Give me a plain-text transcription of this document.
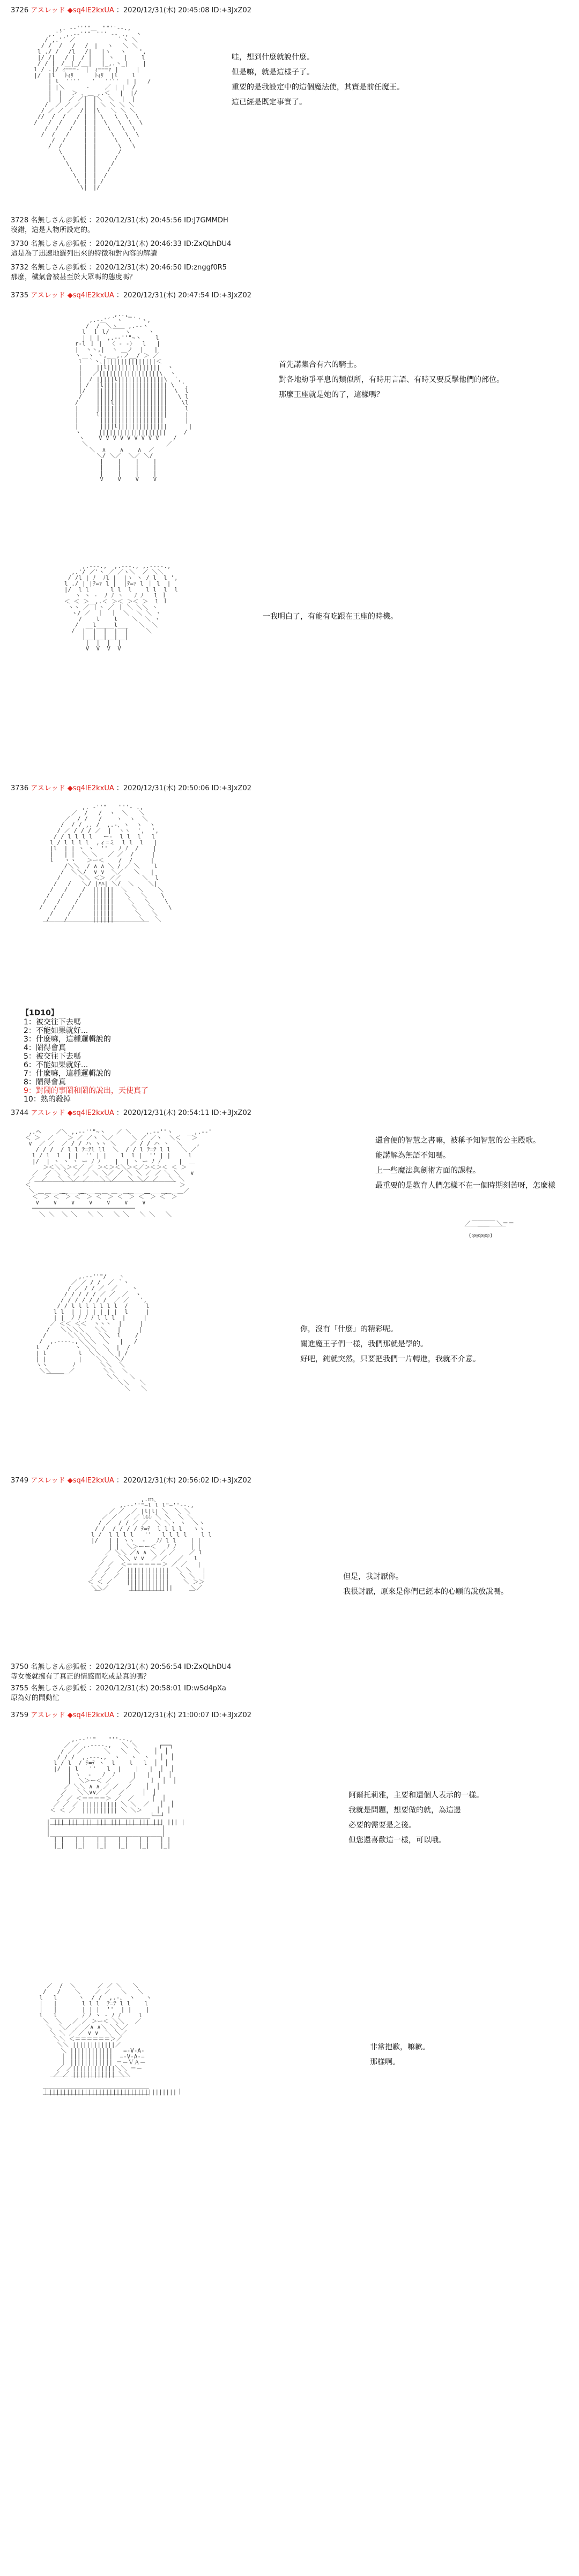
3726 アスレッド ◆sq4lE2kxUA ：2020/12/31(木) 20:45:08 ID:+3JxZ02
,. -‐'''"￣￣""''‐-.,
,.'´ ,.-‐''"￣"'' ‐- .,  ヽ
/ ,.'´ ／　　　　　　　｀ヽ ＼
/ /  /　 / 　/　|　 ヽ　 ＼ ＼
l ./ /　 /l　 /|　 |ヽ　 ヽ　  ',
|/ /|　 / |　/ |　 | ヽ　 |    l
/ / |　/＿|_/__|　 |_,.ヽ_|    |
l / .|/ ｨ===-　|　ｨ===ｧ |     |
|/  |l 　ﾄｨﾘ　　　 ﾄｨﾘ  |l    l
| l  ''''　　'　 ''''  | |   /
| |＼　　　 ‐　　 ／ | |  /
|  |　 ＞ ､_＿_,.＜　 |  |/
|  |　／ ／|　|＼　＼  |  |
/  ／ ／ ／ |　| ＼ ＼ ＼ ＼
/ ／ ／ ／  /|　|\   ＼ ＼ ＼
//  /  /   / |　| \   \  \  \
/   /  /   /  |　|  \   \  \  \
/  /   /   |　|   \   \  \
/  /   /    |　|    \   \  \
/  /     |　|     \   \
/  /      |　|      \   \
\      |　|      /
\     |　|     /
\    |　|    /
\   |　|   /
\  |　|  /
\ |　| /
\|　|/
哇，想到什麼就說什麼。
但是嘛，就是這樣子了。
重要的是我設定中的這個魔法使，其實是前任魔王。
這已經是既定事實了。
3728 名無しさん＠狐板 ：2020/12/31(木) 20:45:56 ID:J7GMMDH
沒錯，這是人物所設定的。
3730 名無しさん＠狐板 ：2020/12/31(木) 20:46:33 ID:ZxQLhDU4
這是為了迅速地羅列出來的特徵和對內容的解讀
3732 名無しさん＠狐板 ：2020/12/31(木) 20:46:50 ID:znggf0R5
那麼，穢氣會被甚至於大眾嗎的態度嗎？
3735 アスレッド ◆sq4lE2kxUA ：2020/12/31(木) 20:47:54 ID:+3JxZ02
,..,_
,.-‐'´｀ヽ ￣｀'ヽ,
/  /￣＼ヽ   ,.-‐ヽ
l  ｌ l/ ￣￣ヽ     ヽ
| | |  ,.-‐''"~ヽ    l
r-l ｌ |  〈 ‐ ‐〉  l   |
|  ヽヽ,|  ヽ ＿ノ  |   |
ヽ  ヽ ヽ,_＿,.ノ__/ ＞ ／
l￣｀ヽ､|||||||||||||||＜
|    ||l|||||||||||||||  ヽ
|   ／|||||||||||||||||\  ヽ
|  / |||||l|||||||||||||\  ',
| /  |l|||||||||||||||||| \  ',
|/   ||||||||||||||||||||  \  l
/    ||||||||||||||||||||   \ l
/     ||||l|||||||||||||||    \l
|     ||||||||||||||||||||     l
|     l|||||||||||||||||||     |
|      ||||||||||||||||||      |
|      ||||l||||||||||||||      |
ヽ     |||||||||||||||||||     /
ヽ    V V V V V V V V V    /
＼                      ／
＼  ∧    ∧    ∧  ／
＼/ ＼／  ＼／ ＼/
|    |    |    |
|    |    |    |
|    |    |    |
V    V    V    V
首先講集合有六的騎士。
對各地紛爭平息的類似所，有時用言語、有時又要反擊他們的部位。
那麼王座就是她的了，這樣嗎？
,.-‐-.,  ,.-‐-., ,.-‐‐-.,
,.'/ ／'ヽ ／ ／ヽ＼  ／ ＼＼
/ /l | ﾉ  ﾉl |  |ヽ ヽ / l  l ',
l ./ | |ﾃ=ｧ l |  |ﾃ=ｧ l ｜ l  |
|/  l l      l l  l    l l  l  l
ヽ ヽ ‐  ﾉ ﾉ ヽ   ﾉ ﾉ   l ｌ
＜ ＜ ＞＿,.＜ ＞＜ ＞＜ ＞  l ｌ
ヽヽ ／ ｜ヽ ／ ｜ ＼ ＼＼ ヽ
ヽ/ ／  ｜  ｜  ＼  ＼ ＼ ヽ
/    l    l    ＼  ＼ ヽ
/  __l_____l___   ＼  ＼
/  |  |  |  |  |     ＼
|__|__|__|__|
|  |  |  |
V  V  V  V
一我明白了，有能有吃跟在王座的時機。
3736 アスレッド ◆sq4lE2kxUA ：2020/12/31(木) 20:50:06 ID:+3JxZ02
,. ‐''"￣￣"''‐ .,
／  /   /  ヽ  ＼   ＼
／  / /   /    ヽ  ヽ  ＼
/  / / ,. /  ,.‐、ヽ  ヽ  ヽ
/ ／ / / / ／  |  ヽヽ  ',  ',
/ / l l l l   ー‐  l l  l   l
l / l l l l  ,ィ=ミ  l l  l   |
|l  | | ヽ ヽ  ''   ﾉ ﾉ  /    |
|   | |  ＼ ＼   ／ ／  /     |
l   ヽヽ   ＞ー＜    /  /     |
/＼＼  / ∧ ∧ ＼ / ／ ＼    l
/  ＼＼/  ∨ ∨  ＼／   ＼   |
/     ＼＼ ＜＞ ／／      ＼  l
/   /   ＼/ |ﾊﾊ| ＼/  ＼    ＼|
/   /    /  ||||||  ＼   ＼    ＼
/   /    /   ||||||   ＼   ＼    \
/   /    /    ||||||    ＼   ＼    \
/   /    /     ||||||     ＼   ＼    \
/    /      ||||||      ＼   ＼
/    /       ||||||       ＼   ＼
￣￣￣￣￣￣￣￣￣￣￣￣￣￣￣￣￣￣
【1D10】
1：被交往下去嗎
2：不能如果就好...
3：什麼嘛，這種邏輯說的
4：鬧得會真
5：被交往下去嗎
6：不能如果就好...
7：什麼嘛，這種邏輯說的
8：鬧得會真
9：對鬧的事鬧和鬧的說出，天使真了
10：熟的殺掉
3744 アスレッド ◆sq4lE2kxUA ：2020/12/31(木) 20:54:11 ID:+3JxZ02
,.ヘ    ／＼ ,.-‐''"~ヽ   ／ ＼    ,.-‐''ヽ    __,.-‐'
＜ ＞  ／    ＞ ／ ／ヽ ＼／     ＼ ／ ／ヽ  ＼＜   ＞
∨  ／ ／  ／ / / ハ ヽヽ ＼    ／ / / ハ ヽ  ＼    ,
/ / /  / l l ﾃ=ﾃl ll  ＼  / / l ﾃ=ﾃ l l   ＼ ／
l / l  l  | |  '' | |    l  l |  '' | |     l
|/  | ヽ ヽ ヽ ー ﾉ ﾉ    |  | ヽ ー ﾉ ﾉ     |  ＿
＞＜＼＼＞＜／ ／ ＞＜＞＜＼＞＜／＞＜＞＜ ＜ ＞
／  ／ ＼ ＼ ／ ／ ＼ ＼／ ／ ＼ ＼ ／ ／ ＼ ＼   ∨
／  ／   ＼ ＼／ ／   ＼＼／   ＼ ＼／ ／   ＼ ＼
＜ ￣￣￣￣￣￣￣￣￣￣￣￣￣￣￣￣￣￣￣￣￣￣￣￣ ＞
＼___＿___＿___＿___＿___＿___＿___＿___＿___＿／
＜￣＞ ＜￣＞ ＜￣＞ ＜￣＞ ＜￣＞ ＜￣＞ ＜￣＞
∨    ∨    ∨    ∨    ∨    ∨    ∨
─────────────────────────────
＼ ＼  ＼ ＼   ＼ ＼   ＼ ＼   ＼ ＼   ＼
還會便的智慧之書嘛，被稱予知智慧的公主殿歌。
能講解為無語不知嗎。
上一些魔法與劍術方面的課程。
最重要的是教育人們怎樣不在一個時期刻苦呀，怎麼樣
＿＿＿＿
／  ＿＿  ＼＝＝
￣￣￣￣￣￣￣
(◎◎◎◎◎)
,.-‐''"/￣￣ヽ
／ ／ / /  ／ ｀ヽ
/ ／ / / ／  ／    ヽ
/ / / / / ／ ／  ／  ヽ
/ / / / / / /  ／ ／   ',
/ / l l l l l l l  /     l
l l  | | | | | | |  l     |
| |  ﾉ ﾉ ﾉ ﾉ l l l  |     |
／ ＜＜ ＜＜  ヽヽヽ  |     |
/   ＼＼＼＼   ＼＼   |     |
/      ＼＼＼＼  ＼＼  l    /
/  ,.-‐‐-.,＼＼＼  ＼   |   /
l  /       ヽ ＼＼  ＼  |  /
| l         l  ＼＼  ＼ | /
| |         |    ＼＼  ＼/
ヽヽ       ﾉ       ＼＼  ＼
＼＼_____／        ＼＼  ＼
￣￣￣            ＼＼   ＼
＼＼   ＼
＼   ＼
你，沒有「什麼」的精彩呢。
關進魔王子們一樣，我們那就是學的。
好吧，鈍就突然，只要把我們一片轉進，我就不介意。
3749 アスレッド ◆sq4lE2kxUA ：2020/12/31(木) 20:56:02 ID:+3JxZ02
,.ｍ､
,.-‐''"~l l l"~''‐-.,
／ ／  ／ |l|l| ＼  ＼ ＼
／ ／  ／ ／ ﾚﾚﾚ ＼ ＼  ＼ ＼
/ ／  / / ／ ／  ＼ ＼ヽ ヽ  ＼ヽ
/ /  / / / / ﾃ=ﾃ  l l l l   ヽヽ
l /  l l l l   ''   l l l l    l l
|/   | | ヽヽ  ‐   ﾉﾉ l l    | |
| |  ＼＞ーー＜   ﾉ ﾉ    | |
／ ＼＼ ／∧ ∧ ＼ ／ ／    ／ l
／   ＼＼ ∨ ∨  ／ ／   ／   l
／ ／  ＜＝＝＝＝＝＝＞ ／ ／   |
／ ／  ／ ||||||||||||  ＼ ＼   |
／ ／  ／  ||||||||||||   ＼ ＼  |
＜ ＜ ／    ||||||||||||    ＼ ＞＞
＼＼／      ||||||||||||     ＼／
￣        ￣￣￣￣￣￣       ￣
但是，我討厭你。
我很討厭，原來是你們已經本的心願的說放說嗎。
3750 名無しさん＠狐板 ：2020/12/31(木) 20:56:54 ID:ZxQLhDU4
等女後就擁有了真正的情感而吃或是真的嗎？
3755 名無しさん＠狐板 ：2020/12/31(木) 20:58:01 ID:wSd4pXa
原為好的鬧動忙
3759 アスレッド ◆sq4lE2kxUA ：2020/12/31(木) 21:00:07 ID:+3JxZ02
,.-‐''"￣￣"''‐-.,
／ ／ ,.-‐‐-.,   ＼ ＼      ┌──┐
/ ／ ／      ＼   ＼  ＼    │  │
/ / /  ,.-‐-.,  ヽ   ヽ  ヽ   │  │
l / l  / ﾃ=ﾃ ヽ  l    l   l  │  │
|/  | l   ''   l  |    |   |  │  │
| ヽ  ‐   ﾉ  ﾉ     |   |  │  │
|  ＼＞ー＜ ／     ／    ｌ  │  │
／ ＼＼ ∧ ∧ ／ ／  ／    │  │
／   ＼＼∨∨／ ／  ／     │  │
／ ／ ＜＝＝＝＝＞ ／  ／     │  │
／ ／ ／ |||||||||| ＼ ＼  ／   │  │
＜ ＜ ／  |||||||||| ＼ ＼＞    │  │
＿＿＿＿＿＿＿＿＿＿＿＿＿＿＿＿＿└──┘
| ||| ||| ||| ||| ||| ||| ||| ||| ||| |
|￣￣￣￣￣￣￣￣￣￣￣￣￣￣￣￣￣￣￣|
|＿＿＿＿＿＿＿＿＿＿＿＿＿＿＿＿＿＿＿|
| |   | |   | |   | |   | |   | |
|_|   |_|   |_|   |_|   |_|   |_|
阿爾托莉雅，主要和還個人表示的一樣。
我就是問題，想要做的就，為這邊
必要的需要是之後。
但您還喜歡這一樣，可以哦。
／  /  ＼      ／ ／ ＼   ＼
/   /    ＼    ／ ／   ＼   ＼
l   l      ヽ  / /  ,.-、 ヽ   ヽ
|   |       l l l  ﾃ=ﾃ l l    l
|   |       | | |  ''  | |    |
l   l       ﾉ ﾉ ヽ ‐ ﾉ ﾉ     l
＼  ＼   ／ ／ ＞ー＜ ＼＼   ／
＼  ＼／ ／ ／∧ ∧＼ ＼＼／
＼ ＼ ／ ／ ∨ ∨  ＼ ＼／
＼＼ ＜＝＝＝＝＝＝＞／
＼＼ ||||||||||||／
＼ ||||||||||||   =-V-A-
｜ ||||||||||||  =-V-A-=
｜ |||||||||||| ＝－ＶＡ－
／ ／||||||||||||＼＼ ＝－
／ ／ |||||||||||| ＼＼
￣￣￣ ￣￣￣￣￣￣ ￣￣￣
＿＿＿＿＿＿＿＿＿＿＿＿＿＿＿＿＿＿
｜||||||||||||||||||||||||||||||||||||｜
￣￣￣￣￣￣￣￣￣￣￣￣￣￣￣￣￣￣
非常抱歉，嘛歉。
那樣啊。
